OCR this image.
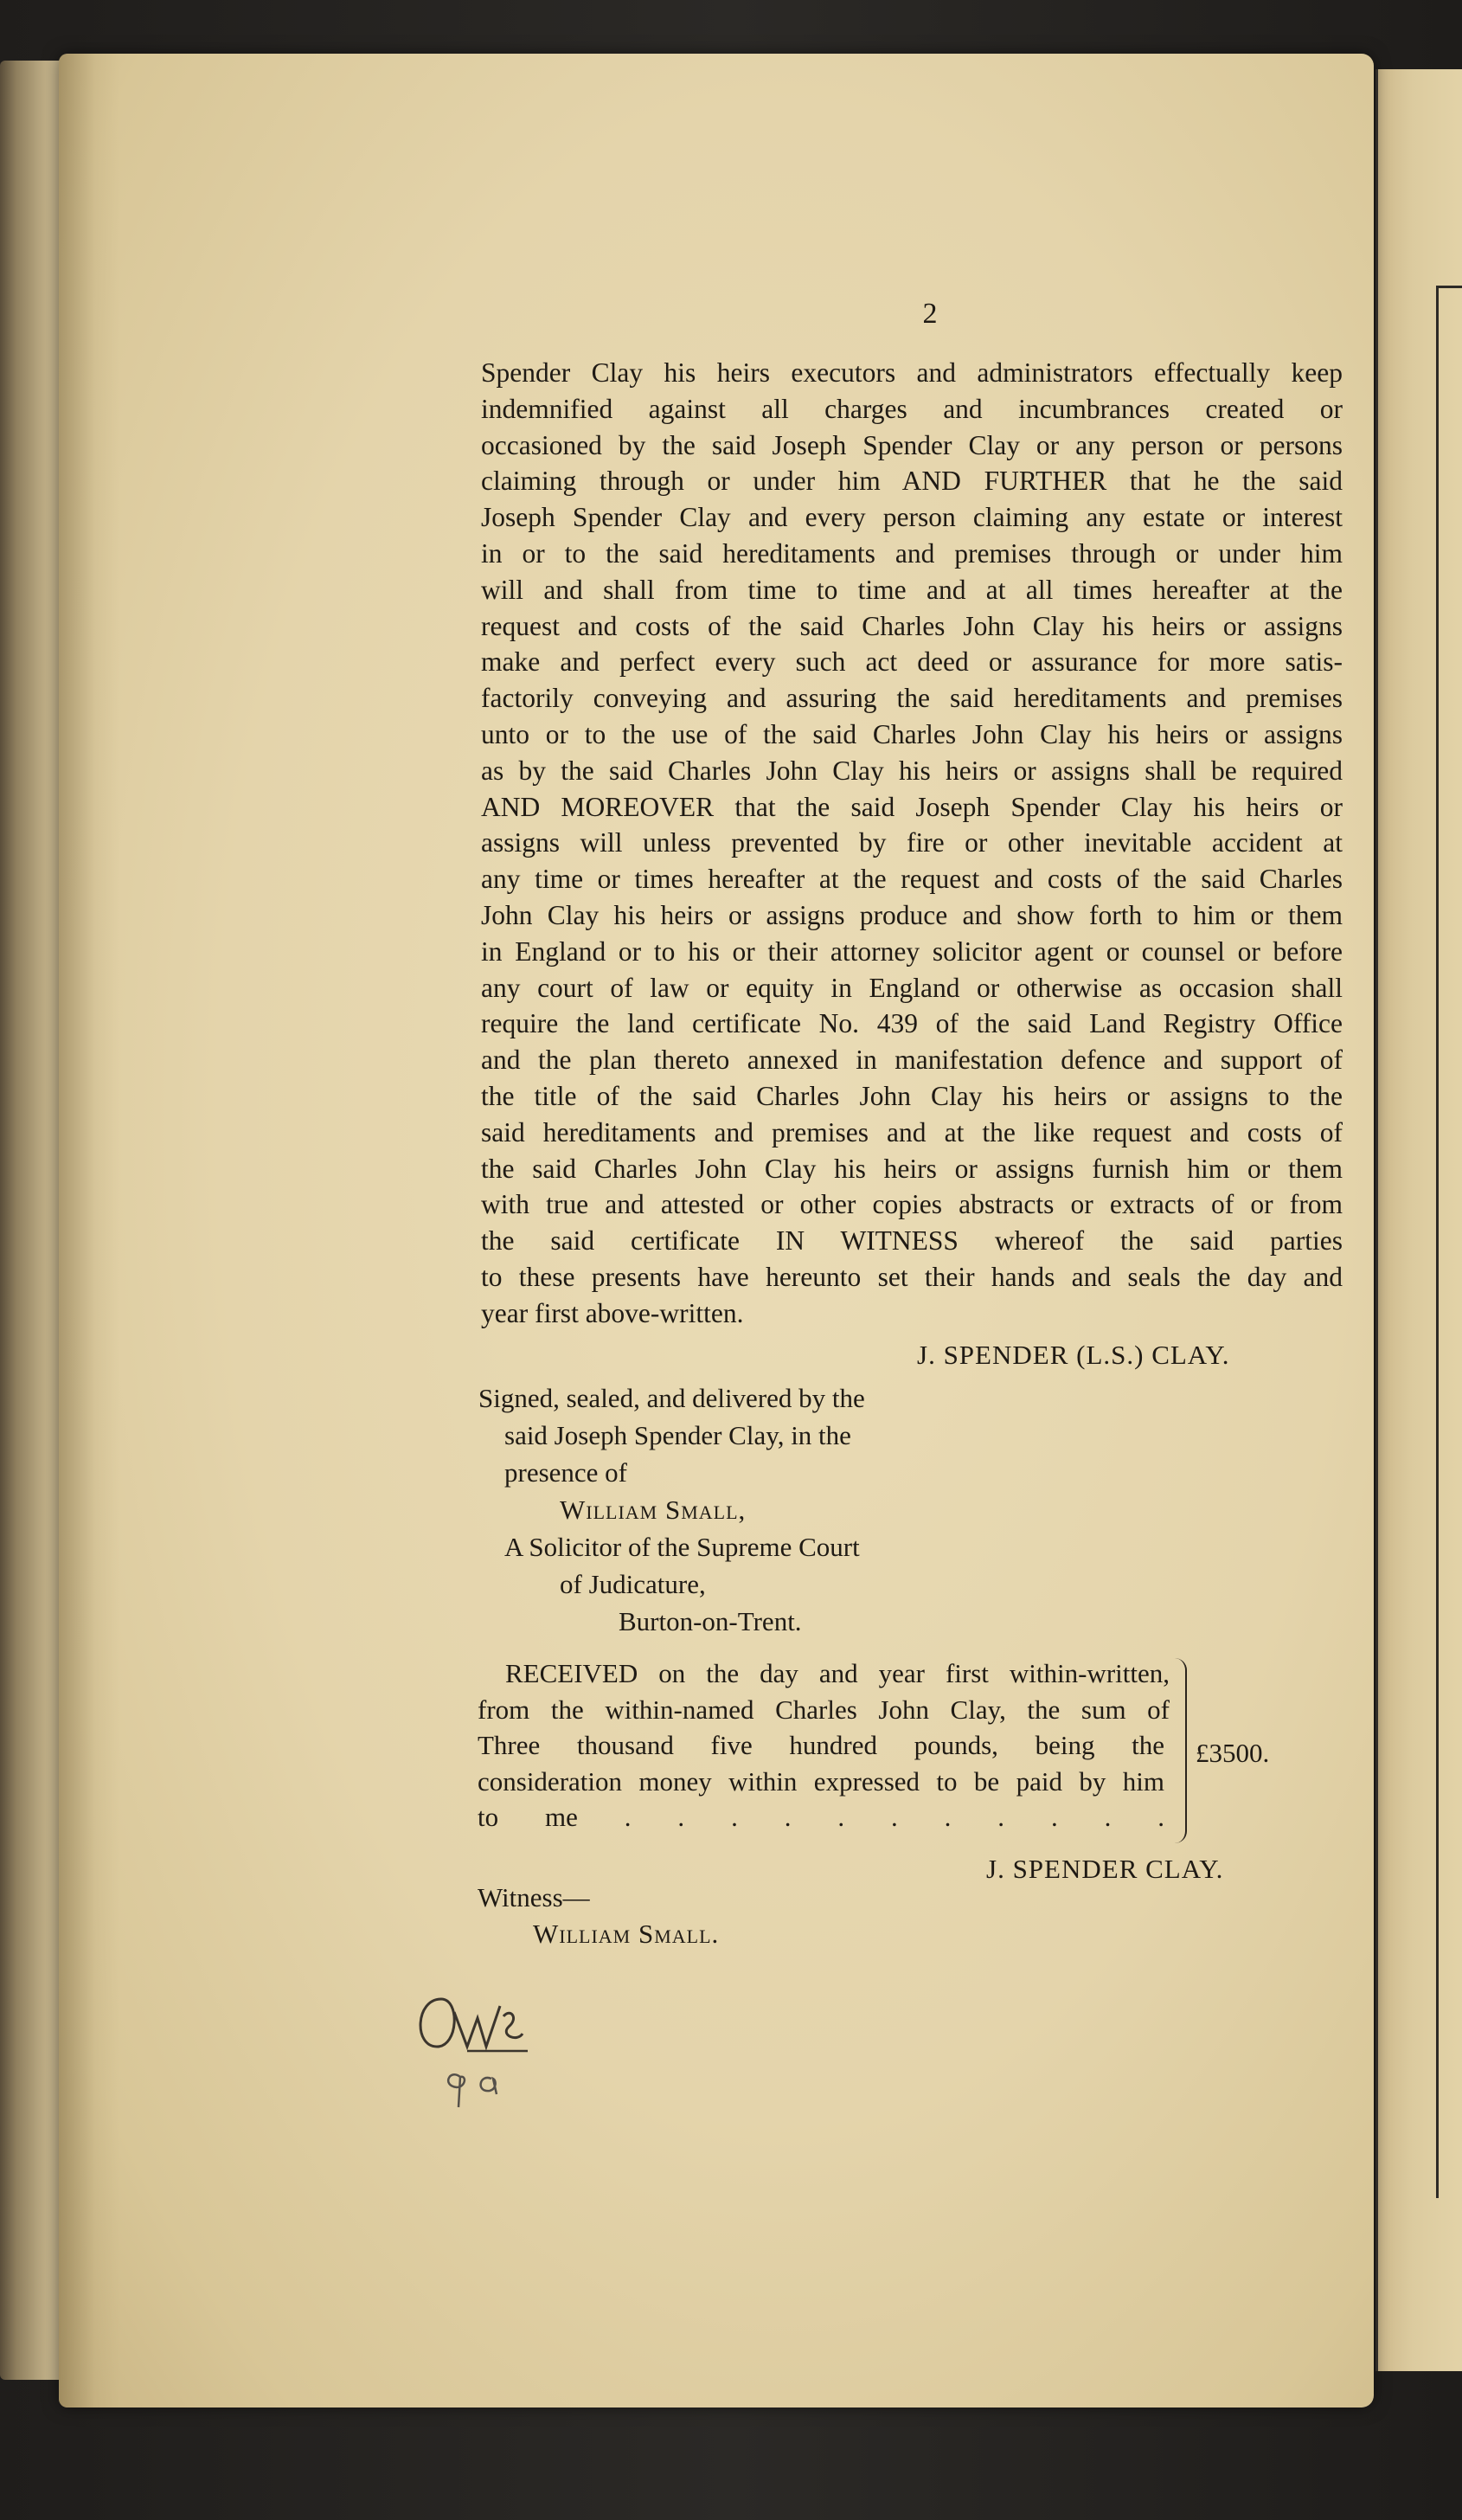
2
Spender Clay his heirs executors and administrators effectually keep
indemnified against all charges and incumbrances created or
occasioned by the said Joseph Spender Clay or any person or persons
claiming through or under him AND FURTHER that he the said
Joseph Spender Clay and every person claiming any estate or interest
in or to the said hereditaments and premises through or under him
will and shall from time to time and at all times hereafter at the
request and costs of the said Charles John Clay his heirs or assigns
make and perfect every such act deed or assurance for more satis-
factorily conveying and assuring the said hereditaments and premises
unto or to the use of the said Charles John Clay his heirs or assigns
as by the said Charles John Clay his heirs or assigns shall be required
AND MOREOVER that the said Joseph Spender Clay his heirs or
assigns will unless prevented by fire or other inevitable accident at
any time or times hereafter at the request and costs of the said Charles
John Clay his heirs or assigns produce and show forth to him or them
in England or to his or their attorney solicitor agent or counsel or before
any court of law or equity in England or otherwise as occasion shall
require the land certificate No. 439 of the said Land Registry Office
and the plan thereto annexed in manifestation defence and support of
the title of the said Charles John Clay his heirs or assigns to the
said hereditaments and premises and at the like request and costs of
the said Charles John Clay his heirs or assigns furnish him or them
with true and attested or other copies abstracts or extracts of or from
the said certificate IN WITNESS whereof the said parties
to these presents have hereunto set their hands and seals the day and
year first above-written.
J. SPENDER (L.S.) CLAY.
Signed, sealed, and delivered by the
said Joseph Spender Clay, in the
presence of
William Small,
A Solicitor of the Supreme Court
of Judicature,
Burton-on-Trent.
RECEIVED on the day and year first within-written,
from the within-named Charles John Clay, the sum of
Three thousand five hundred pounds, being the
consideration money within expressed to be paid by him
to me . . . . . . . . . . .
£3500.
J. SPENDER CLAY.
Witness—
William Small.
